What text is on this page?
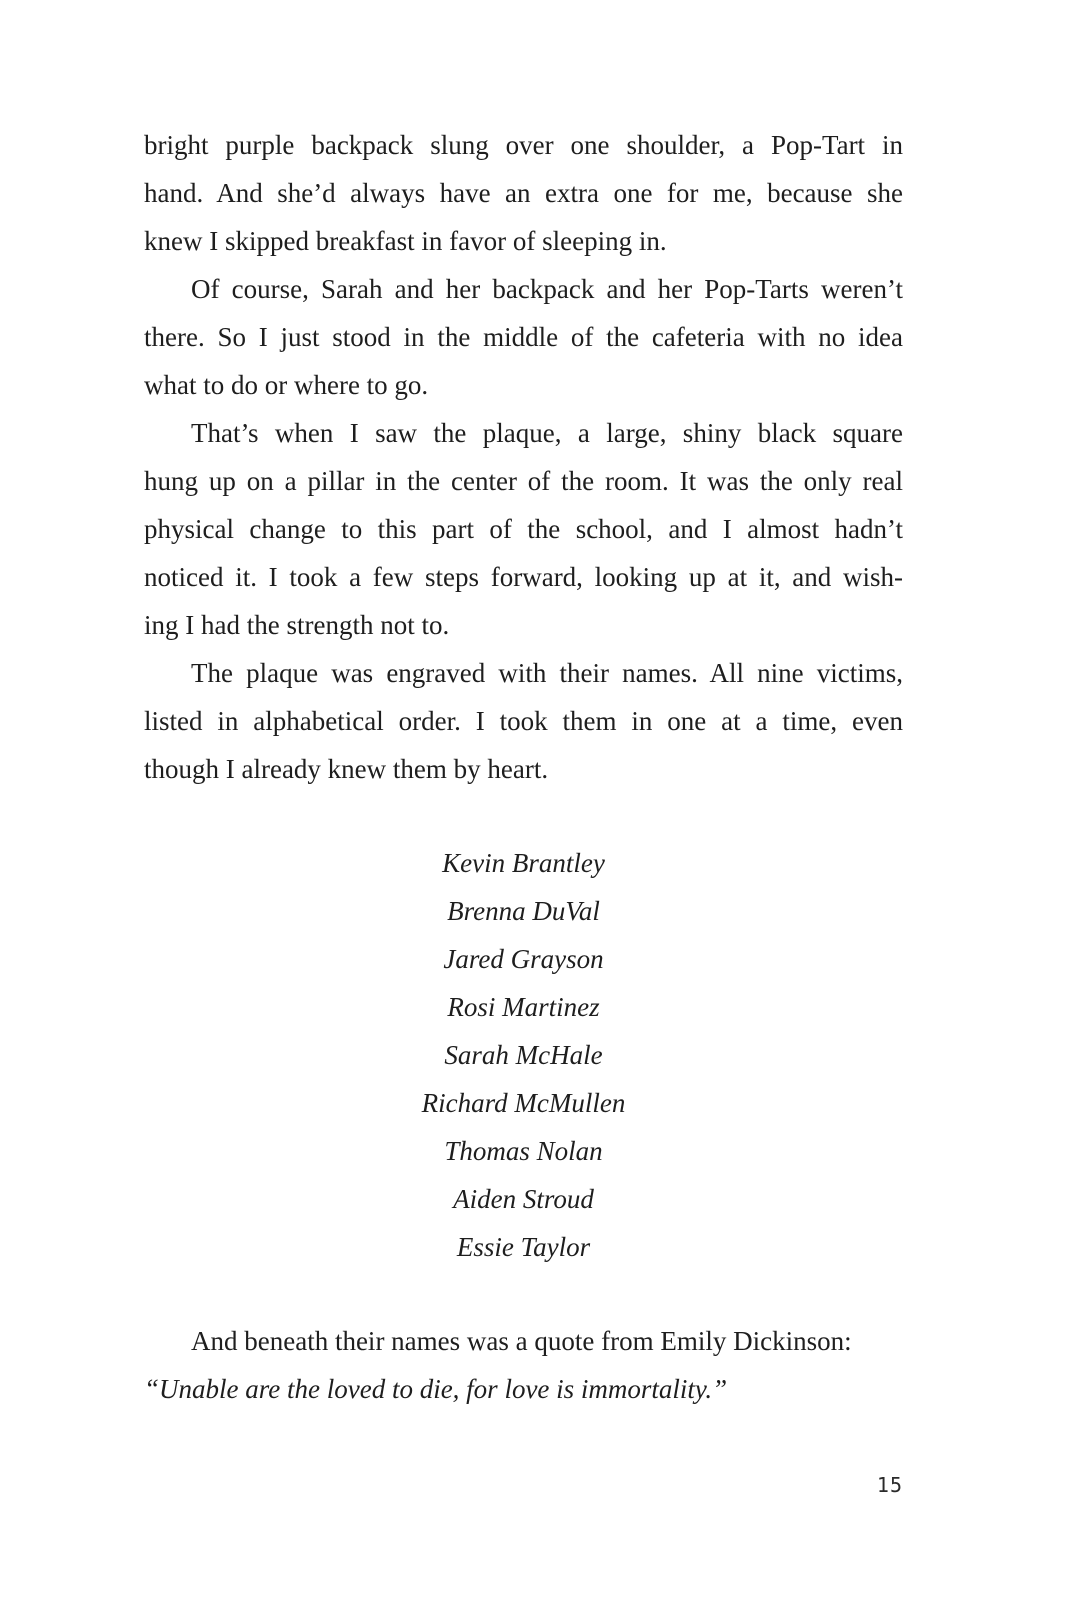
bright purple backpack slung over one shoulder, a Pop-Tart in
hand. And she’d always have an extra one for me, because she
knew I skipped breakfast in favor of sleeping in.
Of course, Sarah and her backpack and her Pop-Tarts weren’t
there. So I just stood in the middle of the cafeteria with no idea
what to do or where to go.
That’s when I saw the plaque, a large, shiny black square
hung up on a pillar in the center of the room. It was the only real
physical change to this part of the school, and I almost hadn’t
noticed it. I took a few steps forward, looking up at it, and wish-
ing I had the strength not to.
The plaque was engraved with their names. All nine victims,
listed in alphabetical order. I took them in one at a time, even
though I already knew them by heart.
Kevin Brantley
Brenna DuVal
Jared Grayson
Rosi Martinez
Sarah McHale
Richard McMullen
Thomas Nolan
Aiden Stroud
Essie Taylor
And beneath their names was a quote from Emily Dickinson:
“Unable are the loved to die, for love is immortality.”
15
